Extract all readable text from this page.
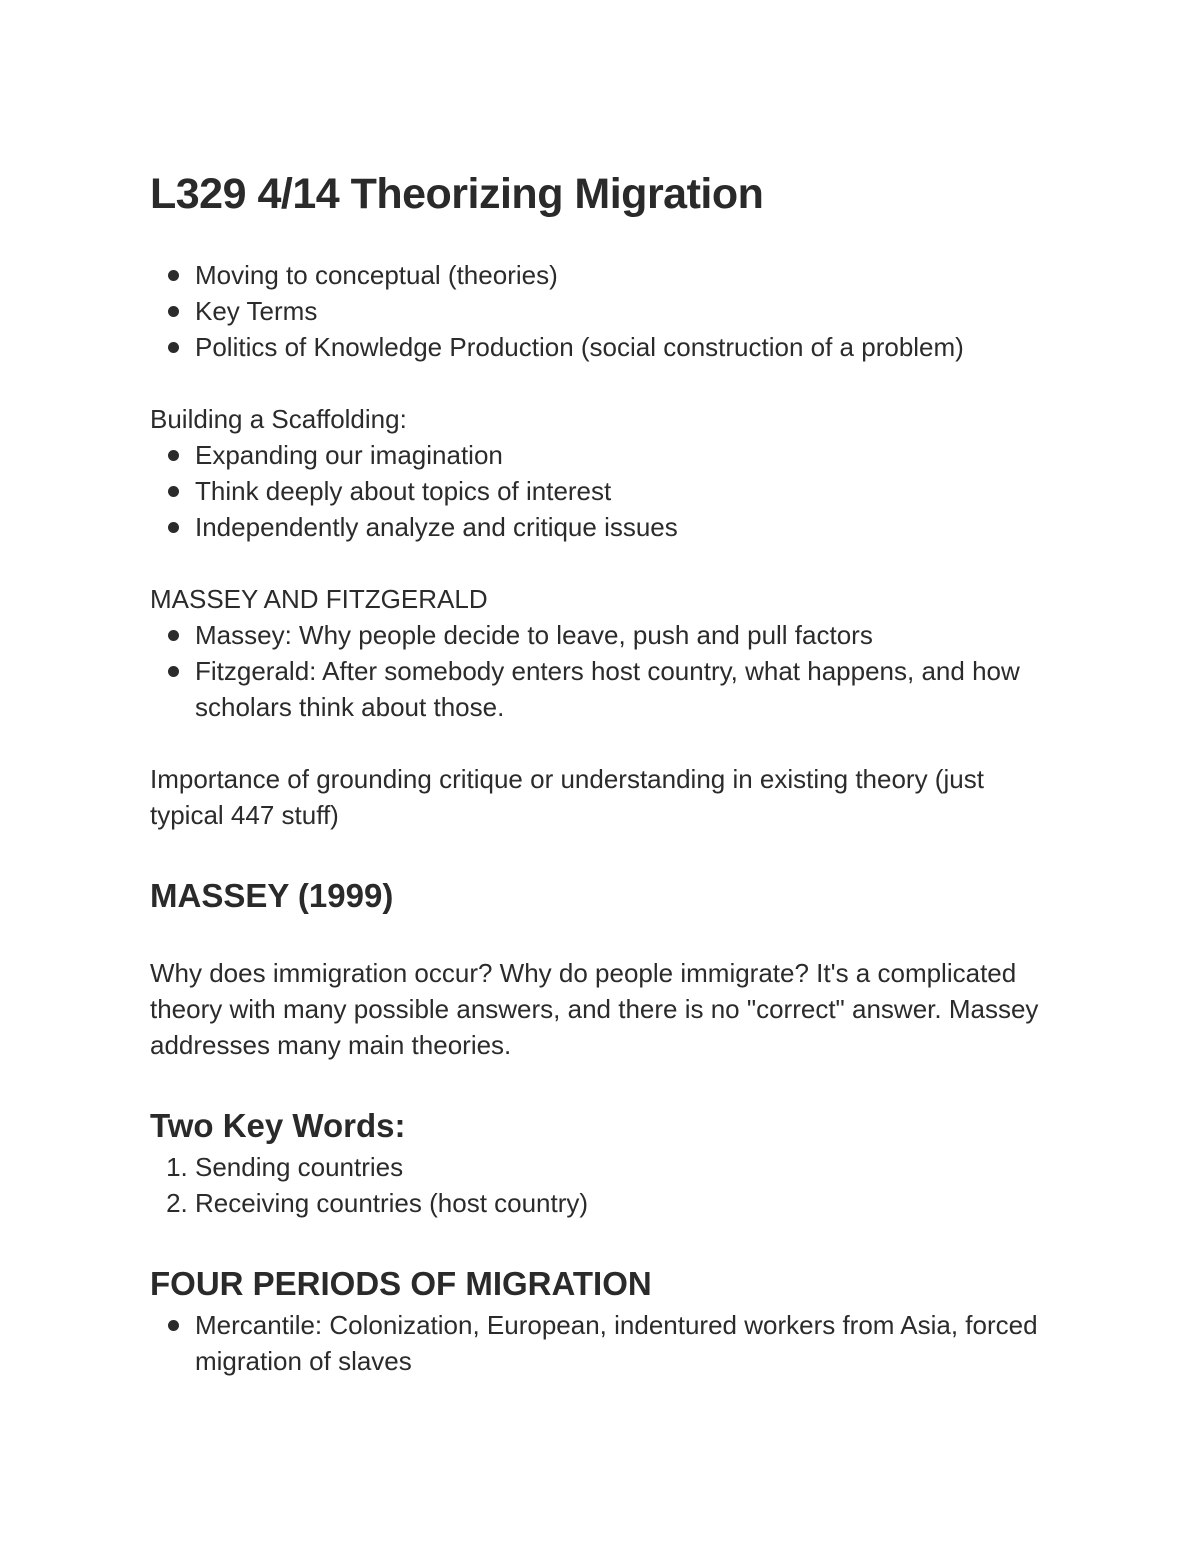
L329 4/14 Theorizing Migration
Moving to conceptual (theories)
Key Terms
Politics of Knowledge Production (social construction of a problem)

Building a Scaffolding:

Expanding our imagination
Think deeply about topics of interest
Independently analyze and critique issues

MASSEY AND FITZGERALD

Massey: Why people decide to leave, push and pull factors
Fitzgerald: After somebody enters host country, what happens, and how scholars think about those.

Importance of grounding critique or understanding in existing theory (just typical 447 stuff)

MASSEY (1999)

Why does immigration occur? Why do people immigrate? It's a complicated theory with many possible answers, and there is no "correct" answer. Massey addresses many main theories.

Two Key Words:
1. Sending countries
2. Receiving countries (host country)
FOUR PERIODS OF MIGRATION
Mercantile: Colonization, European, indentured workers from Asia, forced migration of slaves
